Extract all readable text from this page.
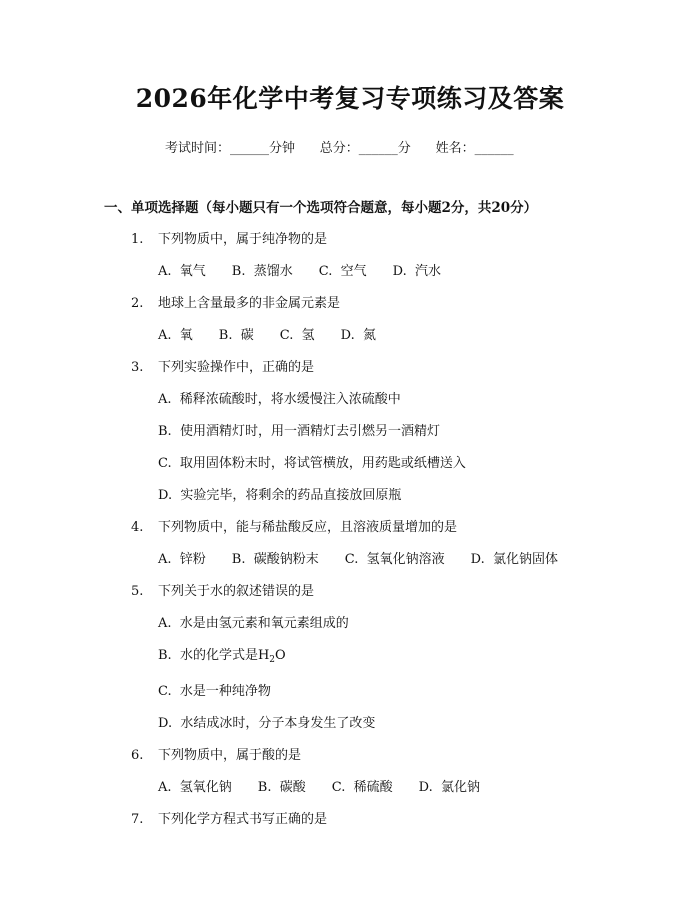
2026年化学中考复习专项练习及答案
考试时间：______分钟      总分：______分      姓名：______
一、单项选择题（每小题只有一个选项符合题意，每小题2分，共20分）
1.	下列物质中，属于纯净物的是
A.  氧气 B.  蒸馏水 C.  空气 D.  汽水
2.	地球上含量最多的非金属元素是
A.  氧 B.  碳 C.  氢 D.  氮
3.	下列实验操作中，正确的是
A.  稀释浓硫酸时，将水缓慢注入浓硫酸中
B.  使用酒精灯时，用一酒精灯去引燃另一酒精灯
C.  取用固体粉末时，将试管横放，用药匙或纸槽送入
D.  实验完毕，将剩余的药品直接放回原瓶
4.	下列物质中，能与稀盐酸反应，且溶液质量增加的是
A.  锌粉 B.  碳酸钠粉末 C.  氢氧化钠溶液 D.  氯化钠固体
5.	下列关于水的叙述错误的是
A.  水是由氢元素和氧元素组成的
B.  水的化学式是$H_2O$
C.  水是一种纯净物
D.  水结成冰时，分子本身发生了改变
6.	下列物质中，属于酸的是
A.  氢氧化钠 B.  碳酸 C.  稀硫酸 D.  氯化钠
7.	下列化学方程式书写正确的是
